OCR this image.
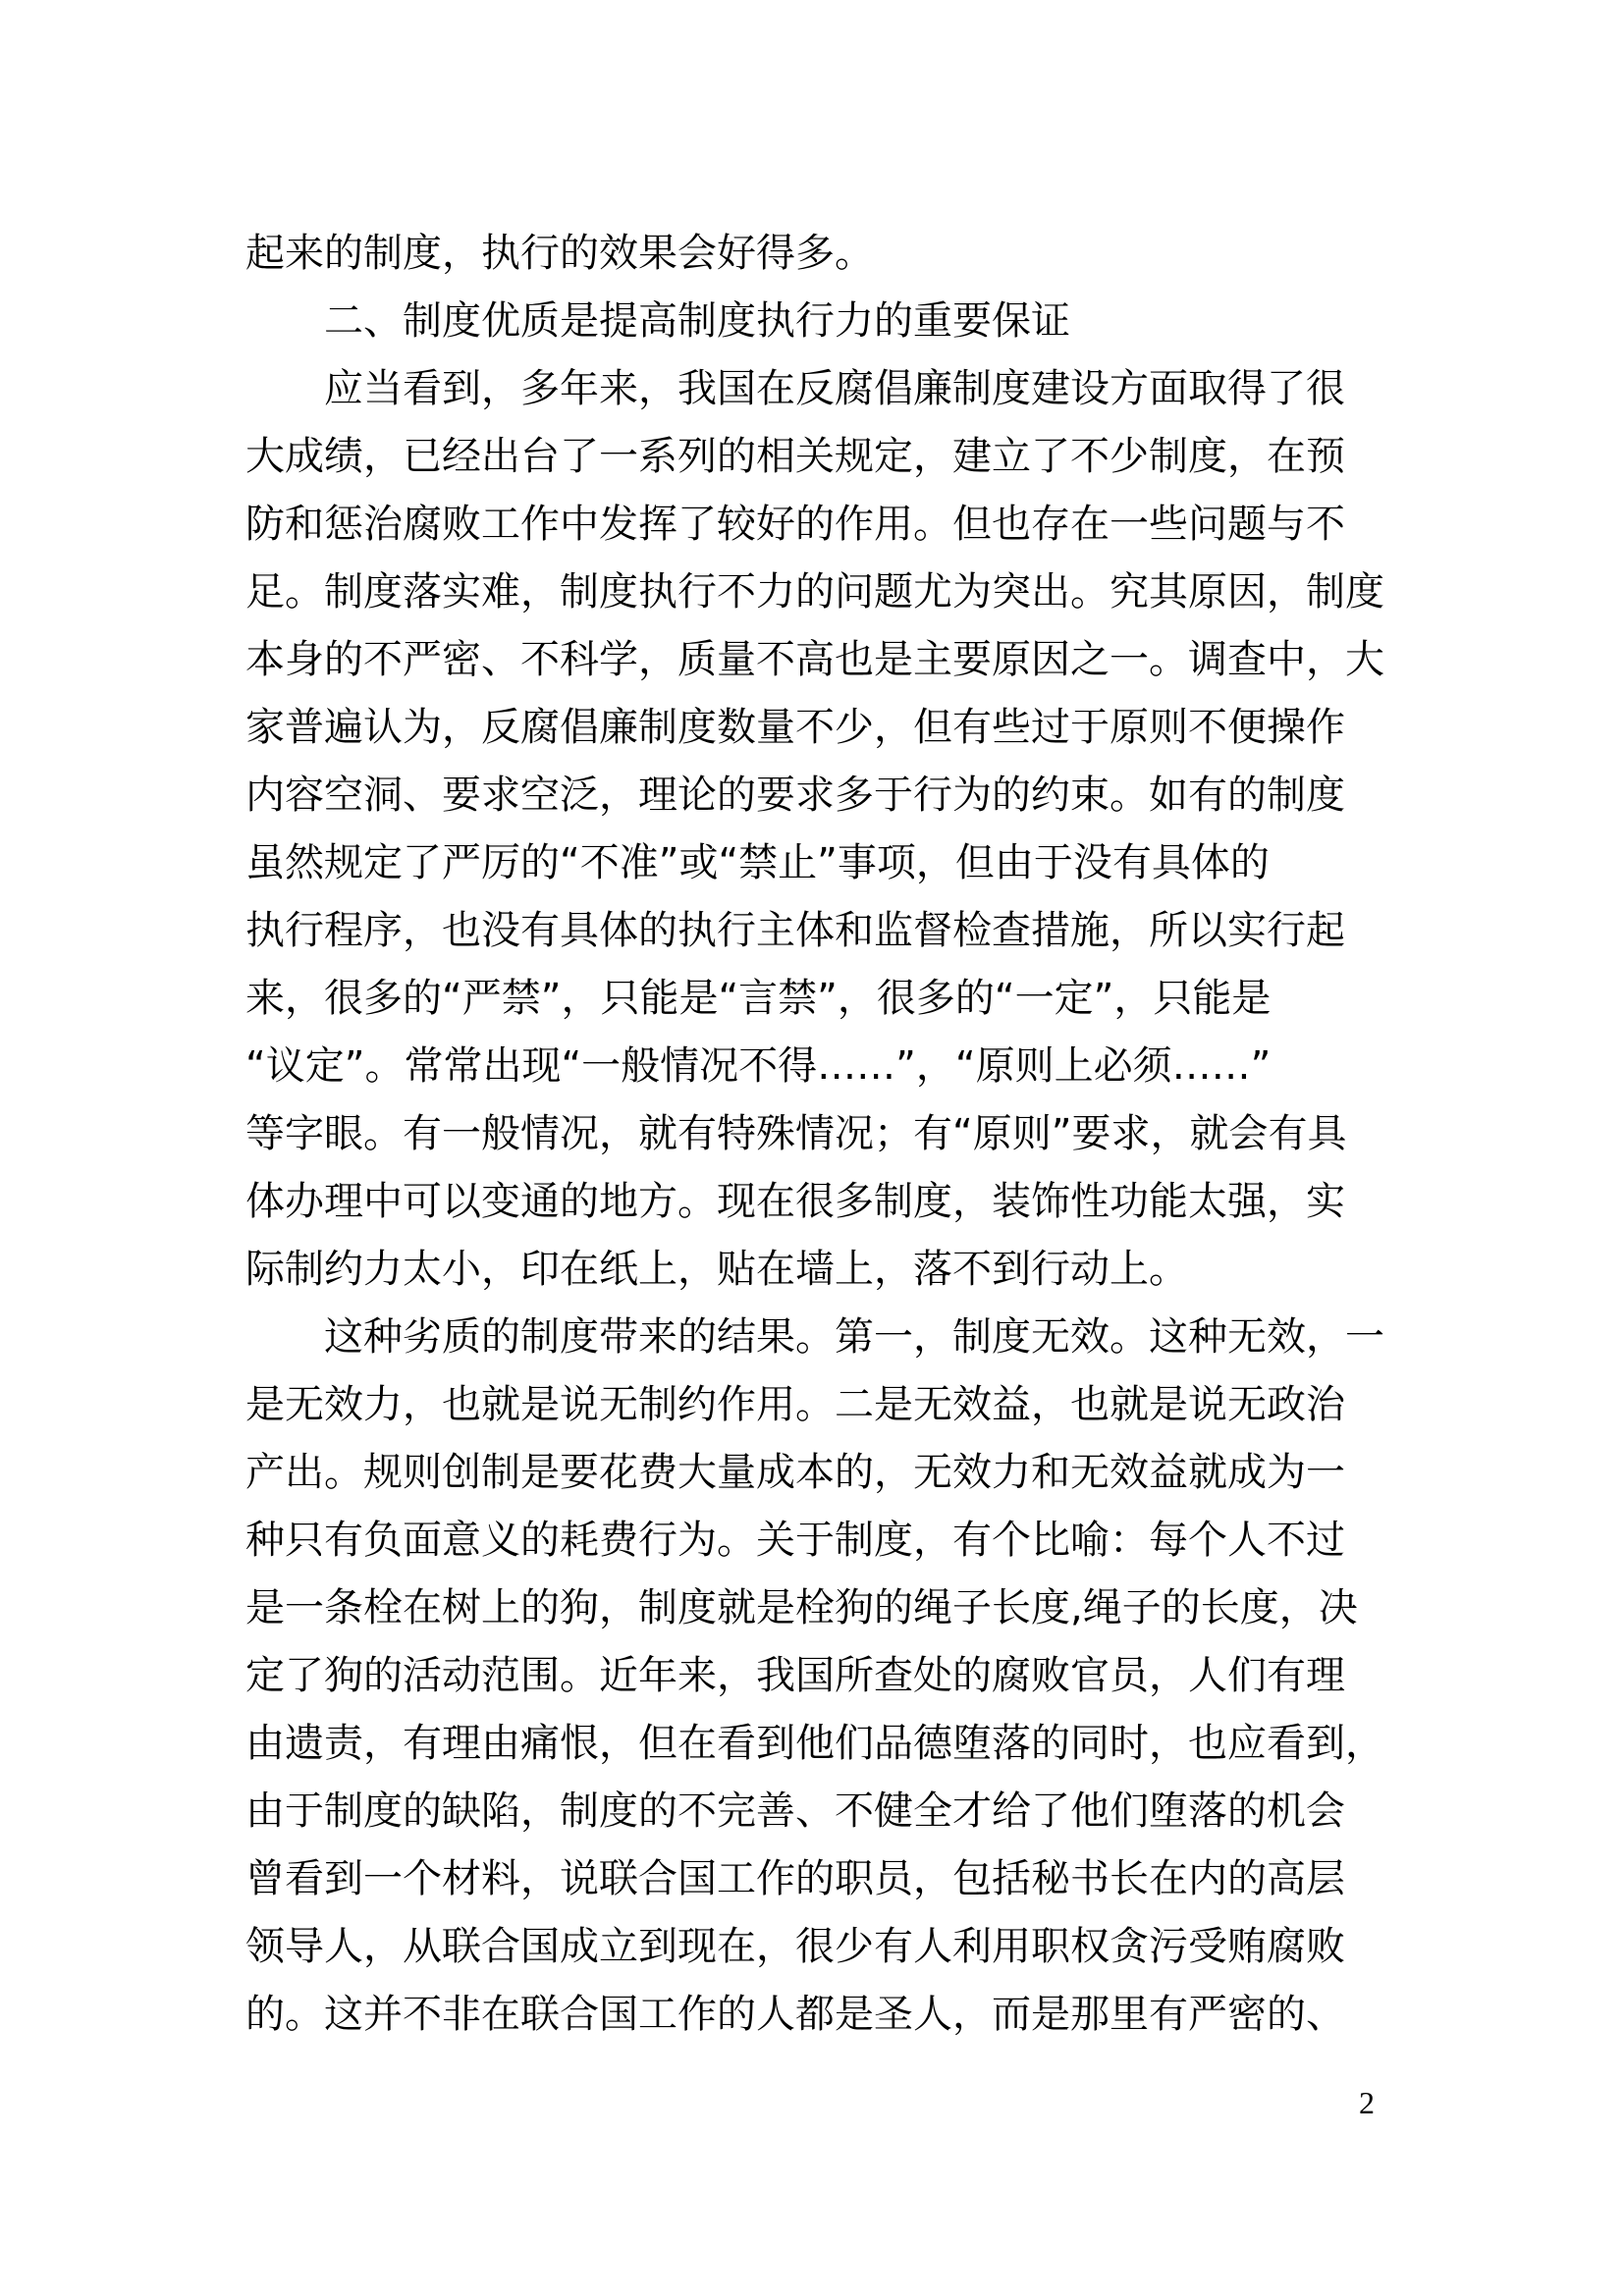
起来的制度，执行的效果会好得多。
二、制度优质是提高制度执行力的重要保证
应当看到，多年来，我国在反腐倡廉制度建设方面取得了很
大成绩，已经出台了一系列的相关规定，建立了不少制度，在预
防和惩治腐败工作中发挥了较好的作用。但也存在一些问题与不
足。制度落实难，制度执行不力的问题尤为突出。究其原因，制度
本身的不严密、不科学，质量不高也是主要原因之一。调查中，大
家普遍认为，反腐倡廉制度数量不少，但有些过于原则不便操作
内容空洞、要求空泛，理论的要求多于行为的约束。如有的制度
虽然规定了严厉的“不准”或“禁止”事项，但由于没有具体的
执行程序，也没有具体的执行主体和监督检查措施，所以实行起
来，很多的“严禁”，只能是“言禁”，很多的“一定”，只能是
“议定”。常常出现“一般情况不得……”，“原则上必须……”
等字眼。有一般情况，就有特殊情况；有“原则”要求，就会有具
体办理中可以变通的地方。现在很多制度，装饰性功能太强，实
际制约力太小，印在纸上，贴在墙上，落不到行动上。
这种劣质的制度带来的结果。第一，制度无效。这种无效，一
是无效力，也就是说无制约作用。二是无效益，也就是说无政治
产出。规则创制是要花费大量成本的，无效力和无效益就成为一
种只有负面意义的耗费行为。关于制度，有个比喻：每个人不过
是一条栓在树上的狗，制度就是栓狗的绳子长度,绳子的长度，决
定了狗的活动范围。近年来，我国所查处的腐败官员，人们有理
由遗责，有理由痛恨，但在看到他们品德堕落的同时，也应看到，
由于制度的缺陷，制度的不完善、不健全才给了他们堕落的机会
曾看到一个材料，说联合国工作的职员，包括秘书长在内的高层
领导人，从联合国成立到现在，很少有人利用职权贪污受贿腐败
的。这并不非在联合国工作的人都是圣人，而是那里有严密的、
2
